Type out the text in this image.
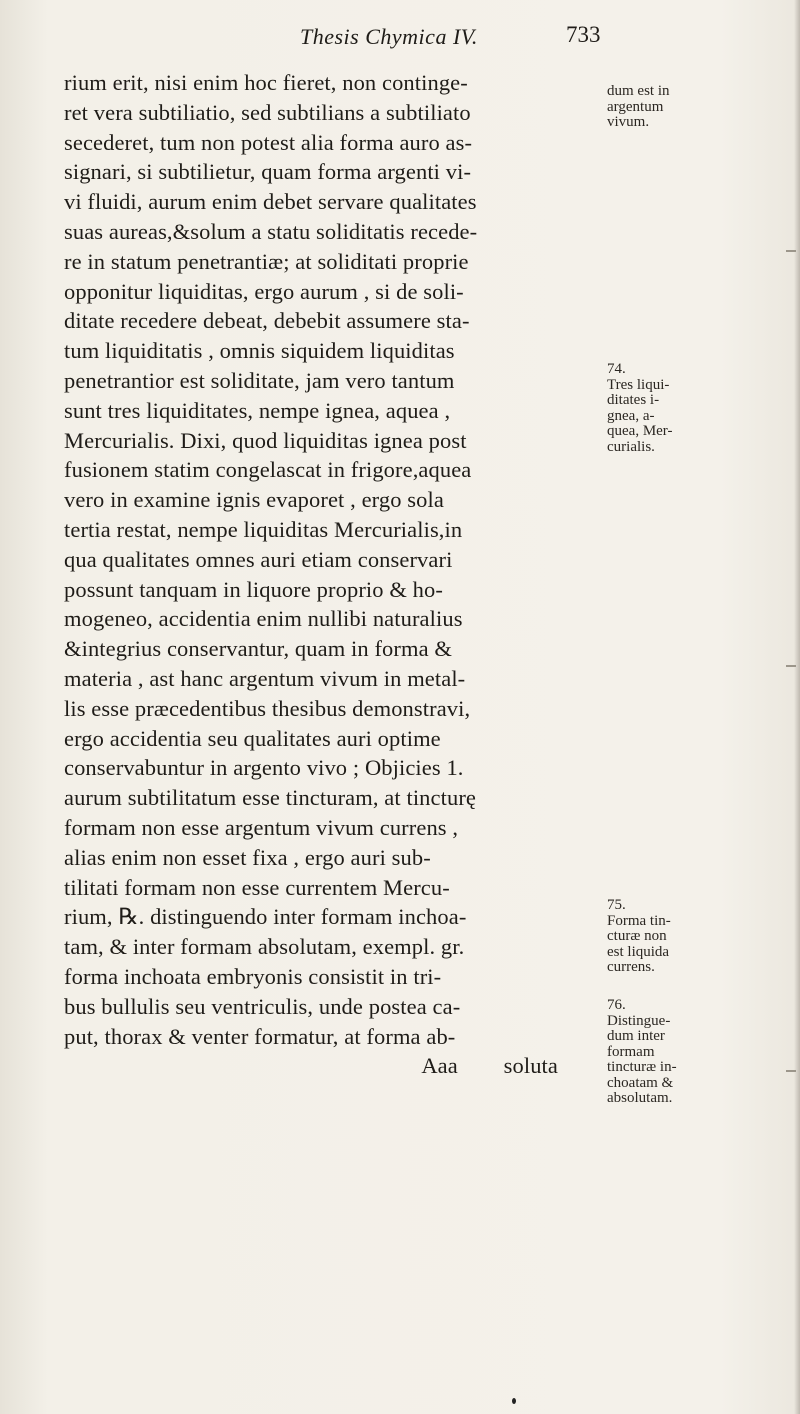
Thesis Chymica IV.	733
rium erit, nisi enim hoc fieret, non continge-
ret vera subtiliatio, sed subtilians a subtiliato
secederet, tum non potest alia forma auro as-
signari, si subtilietur, quam forma argenti vi-
vi fluidi, aurum enim debet servare qualitates
suas aureas,&solum a statu soliditatis recede-
re in statum penetrantiæ; at soliditati proprie
opponitur liquiditas, ergo aurum , si de soli-
ditate recedere debeat, debebit assumere sta-
tum liquiditatis , omnis siquidem liquiditas
penetrantior est soliditate, jam vero tantum
sunt tres liquiditates, nempe ignea, aquea ,
Mercurialis. Dixi, quod liquiditas ignea post
fusionem statim congelascat in frigore,aquea
vero in examine ignis evaporet , ergo sola
tertia restat, nempe liquiditas Mercurialis,in
qua qualitates omnes auri etiam conservari
possunt tanquam in liquore proprio & ho-
mogeneo, accidentia enim nullibi naturalius
&integrius conservantur, quam in forma &
materia , ast hanc argentum vivum in metal-
lis esse præcedentibus thesibus demonstravi,
ergo accidentia seu qualitates auri optime
conservabuntur in argento vivo ; Objicies 1.
aurum subtilitatum esse tincturam, at tincturę
formam non esse argentum vivum currens ,
alias enim non esset fixa , ergo auri sub-
tilitati formam non esse currentem Mercu-
rium, ℞. distinguendo inter formam inchoa-
tam, & inter formam absolutam, exempl. gr.
forma inchoata embryonis consistit in tri-
bus bullulis seu ventriculis, unde postea ca-
put, thorax & venter formatur, at forma ab-
Aaa        soluta
dum est in
argentum
vivum.
74.
Tres liqui-
ditates i-
gnea, a-
quea, Mer-
curialis.
75.
Forma tin-
cturæ non
est liquida
currens.
76.
Distingue-
dum inter
formam
tincturæ in-
choatam &
absolutam.
